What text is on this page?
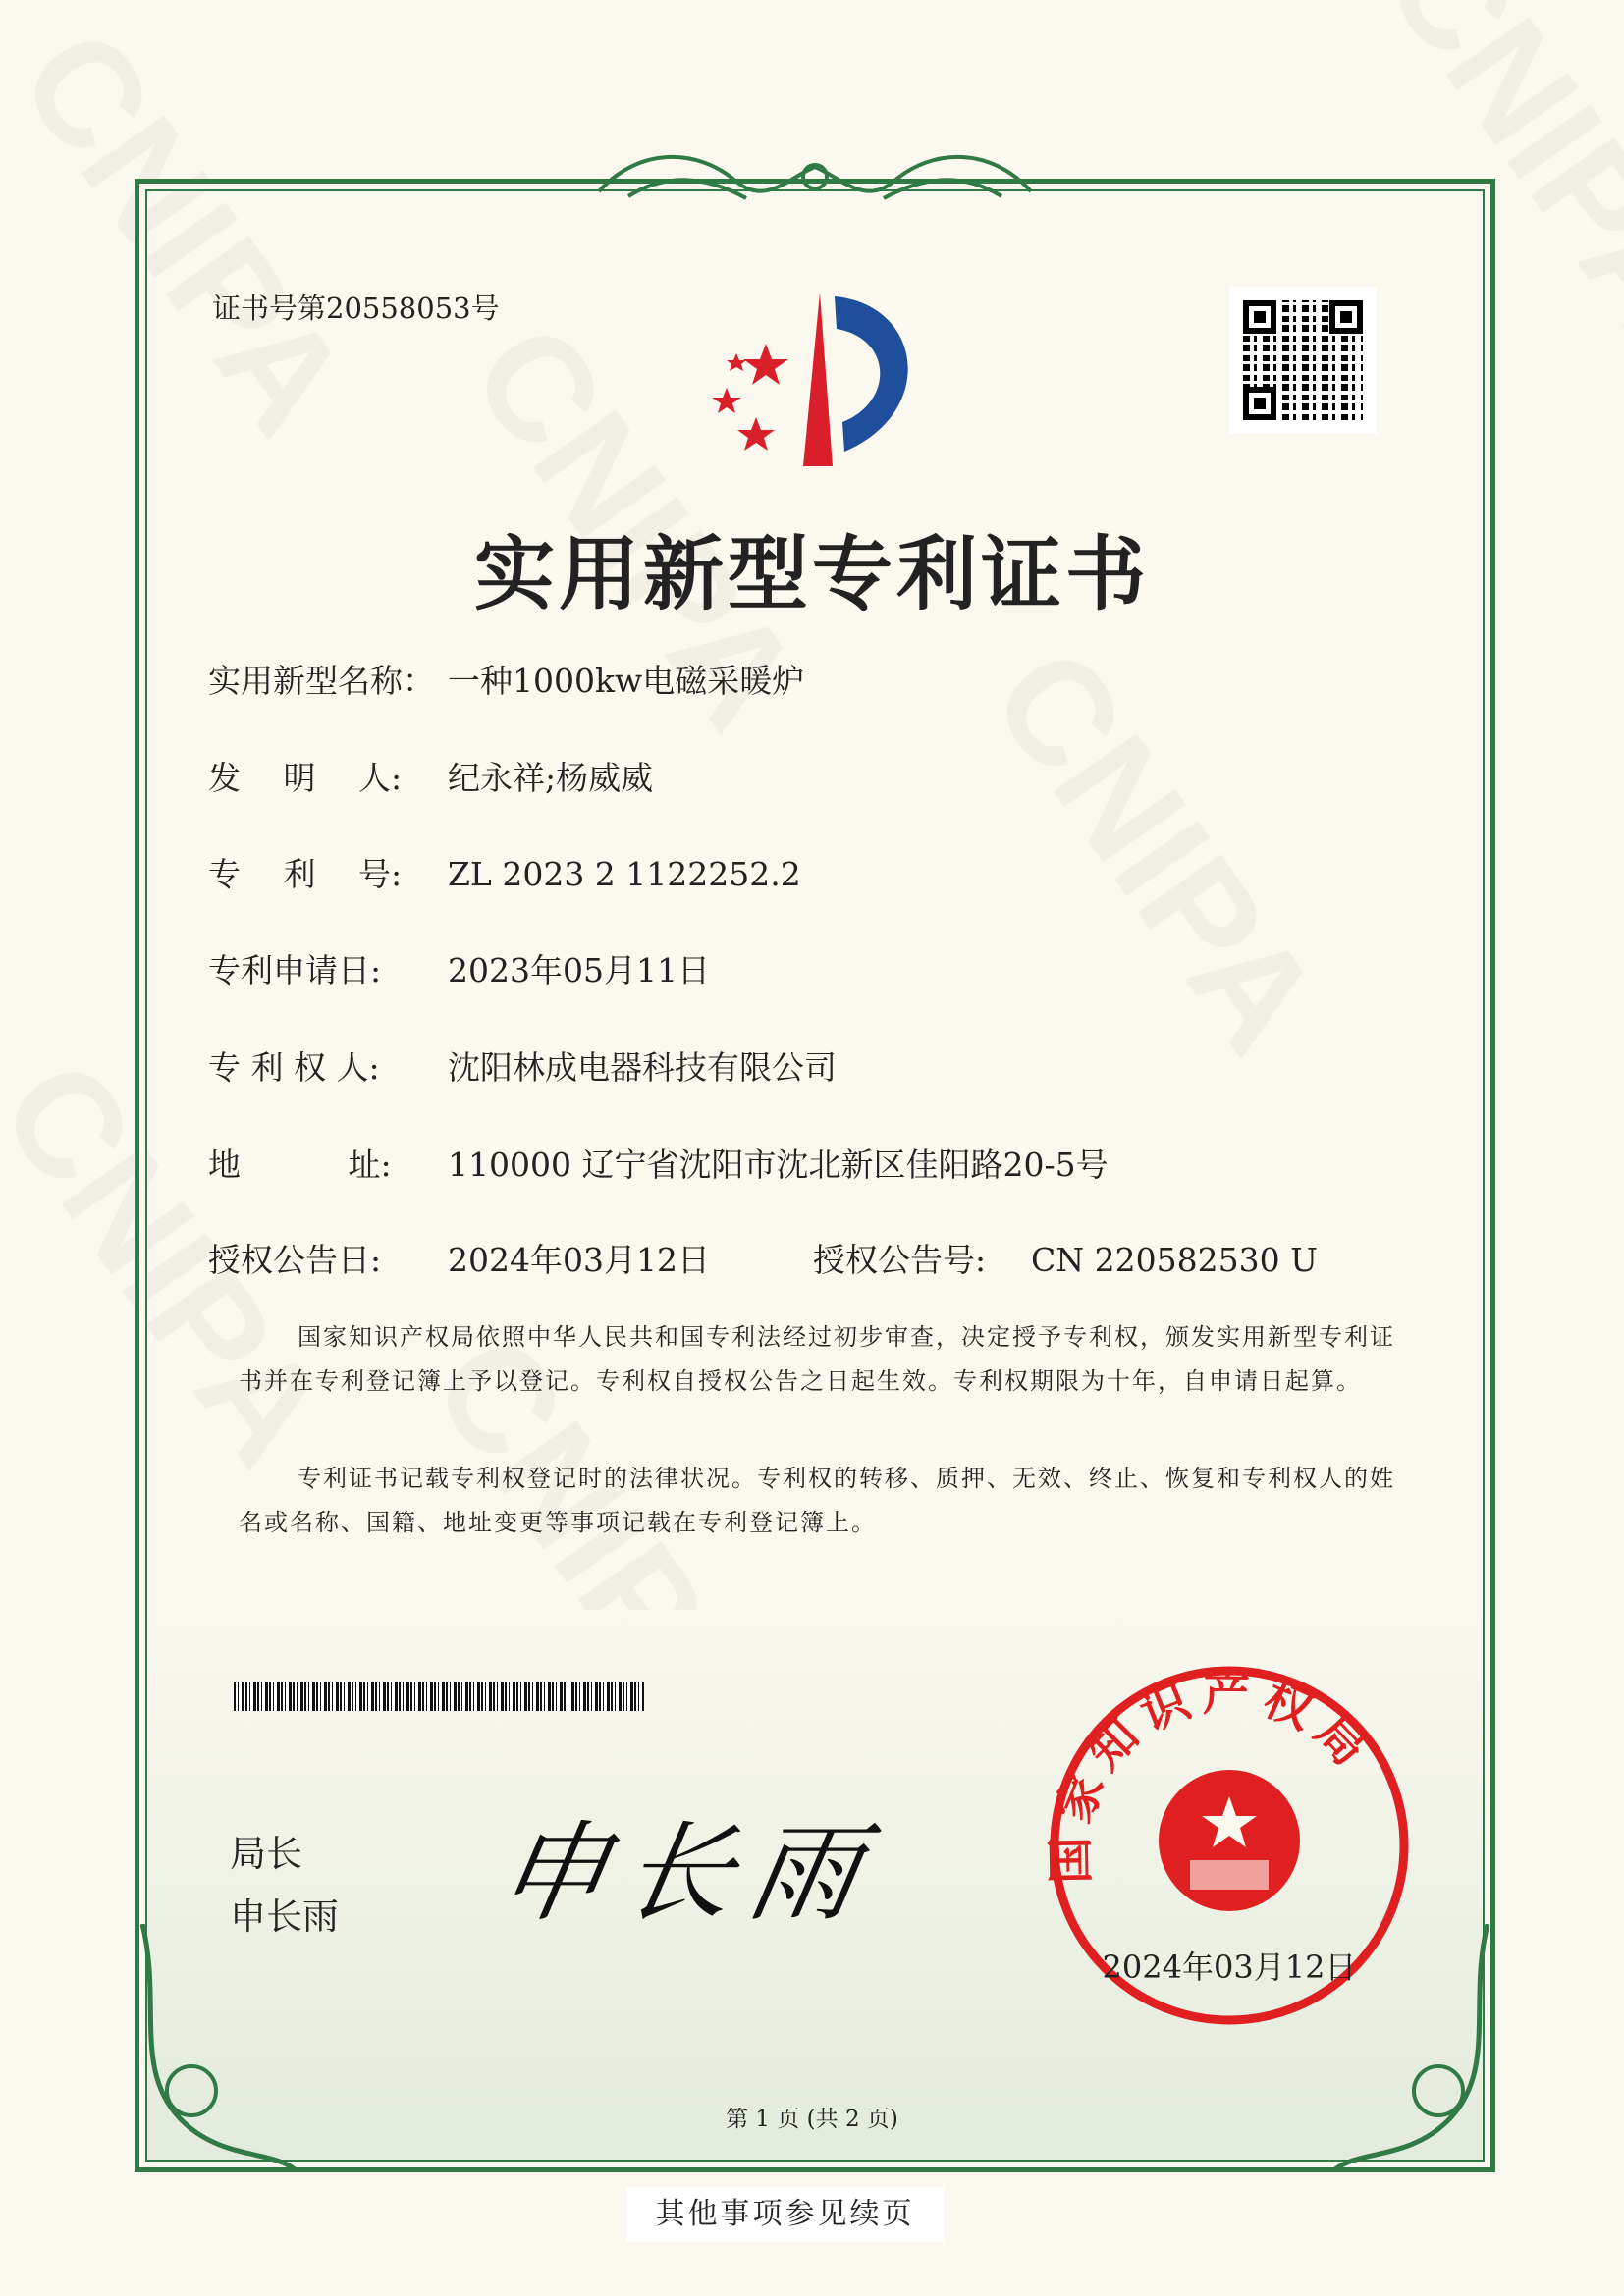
证书号第20558053号
实用新型专利证书
实用新型名称： 一种1000kw电磁采暖炉
发　 明 　人: 纪永祥;杨威威
专　 利 　号: ZL 2023 2 1122252.2
专利申请日: 2023年05月11日
专 利 权 人: 沈阳林成电器科技有限公司
地　　 　址: 110000 辽宁省沈阳市沈北新区佳阳路20-5号
授权公告日: 2024年03月12日	授权公告号: CN 220582530 U
国家知识产权局依照中华人民共和国专利法经过初步审查，决定授予专利权，颁发实用新型专利证书并在专利登记簿上予以登记。专利权自授权公告之日起生效。专利权期限为十年，自申请日起算。
专利证书记载专利权登记时的法律状况。专利权的转移、质押、无效、终止、恢复和专利权人的姓名或名称、国籍、地址变更等事项记载在专利登记簿上。
局长
申长雨 申长雨	国家知识产权局
2024年03月12日
第 1 页 (共 2 页)
其他事项参见续页
